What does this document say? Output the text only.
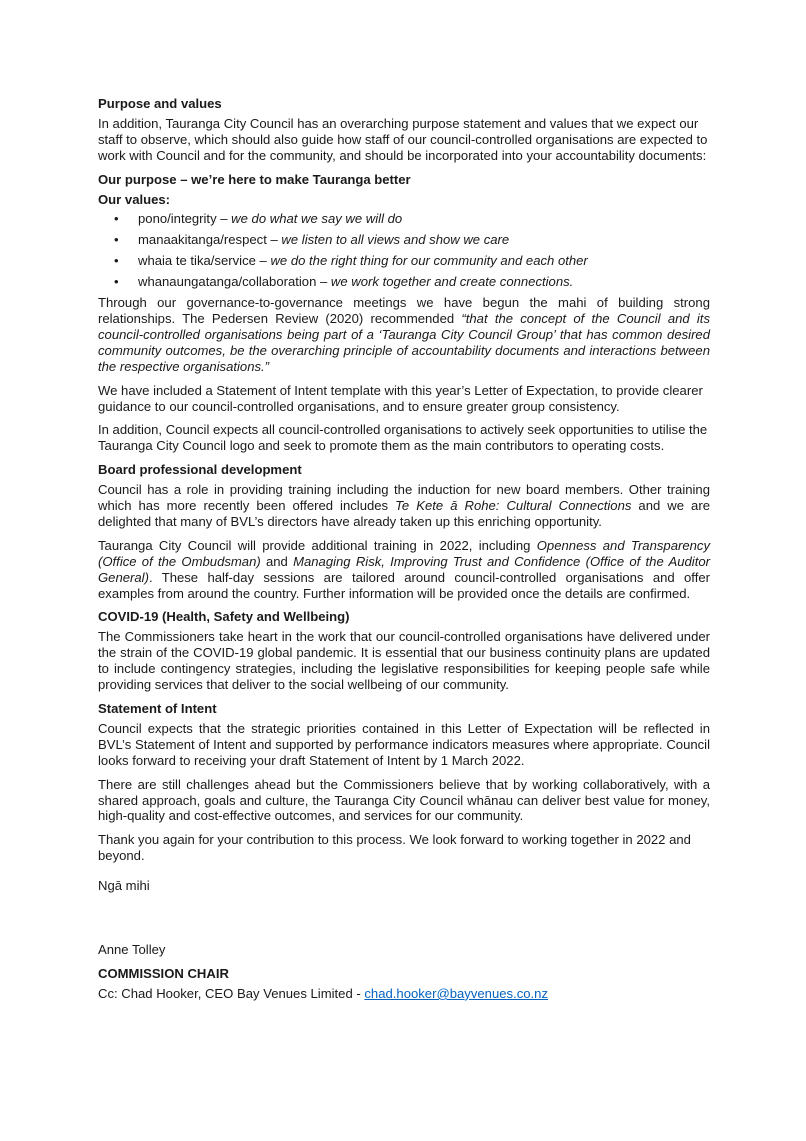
Purpose and values

In addition, Tauranga City Council has an overarching purpose statement and values that we expect our staff to observe, which should also guide how staff of our council-controlled organisations are expected to work with Council and for the community, and should be incorporated into your accountability documents:

Our purpose – we’re here to make Tauranga better
Our values:
• pono/integrity – we do what we say we will do
• manaakitanga/respect – we listen to all views and show we care
• whaia te tika/service – we do the right thing for our community and each other
• whanaungatanga/collaboration – we work together and create connections.

Through our governance-to-governance meetings we have begun the mahi of building strong relationships. The Pedersen Review (2020) recommended “that the concept of the Council and its council-controlled organisations being part of a ‘Tauranga City Council Group’ that has common desired community outcomes, be the overarching principle of accountability documents and interactions between the respective organisations.”

We have included a Statement of Intent template with this year’s Letter of Expectation, to provide clearer guidance to our council-controlled organisations, and to ensure greater group consistency.

In addition, Council expects all council-controlled organisations to actively seek opportunities to utilise the Tauranga City Council logo and seek to promote them as the main contributors to operating costs.

Board professional development

Council has a role in providing training including the induction for new board members. Other training which has more recently been offered includes Te Kete ā Rohe: Cultural Connections and we are delighted that many of BVL’s directors have already taken up this enriching opportunity.

Tauranga City Council will provide additional training in 2022, including Openness and Transparency (Office of the Ombudsman) and Managing Risk, Improving Trust and Confidence (Office of the Auditor General). These half-day sessions are tailored around council-controlled organisations and offer examples from around the country. Further information will be provided once the details are confirmed.

COVID-19 (Health, Safety and Wellbeing)

The Commissioners take heart in the work that our council-controlled organisations have delivered under the strain of the COVID-19 global pandemic. It is essential that our business continuity plans are updated to include contingency strategies, including the legislative responsibilities for keeping people safe while providing services that deliver to the social wellbeing of our community.

Statement of Intent

Council expects that the strategic priorities contained in this Letter of Expectation will be reflected in BVL’s Statement of Intent and supported by performance indicators measures where appropriate. Council looks forward to receiving your draft Statement of Intent by 1 March 2022.

There are still challenges ahead but the Commissioners believe that by working collaboratively, with a shared approach, goals and culture, the Tauranga City Council whānau can deliver best value for money, high-quality and cost-effective outcomes, and services for our community.

Thank you again for your contribution to this process. We look forward to working together in 2022 and beyond.

Ngā mihi

Anne Tolley

COMMISSION CHAIR

Cc: Chad Hooker, CEO Bay Venues Limited - chad.hooker@bayvenues.co.nz
